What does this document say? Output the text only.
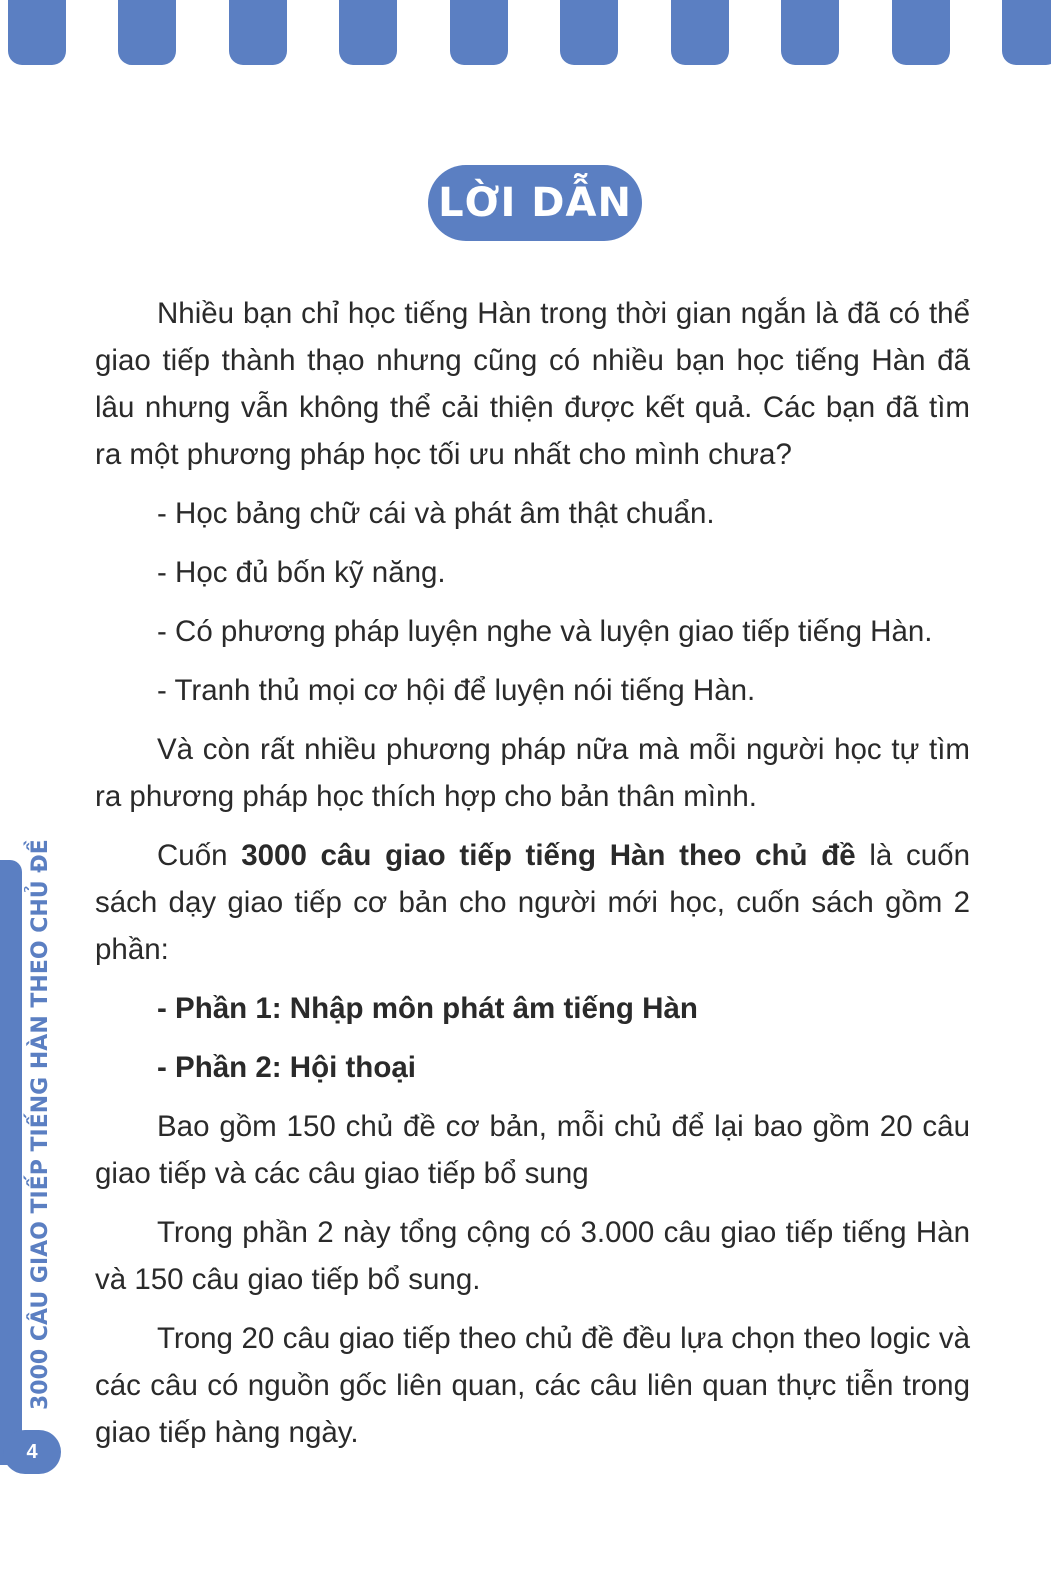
LỜI DẪN

Nhiều bạn chỉ học tiếng Hàn trong thời gian ngắn là đã có thể giao tiếp thành thạo nhưng cũng có nhiều bạn học tiếng Hàn đã lâu nhưng vẫn không thể cải thiện được kết quả. Các bạn đã tìm ra một phương pháp học tối ưu nhất cho mình chưa?

- Học bảng chữ cái và phát âm thật chuẩn.

- Học đủ bốn kỹ năng.

- Có phương pháp luyện nghe và luyện giao tiếp tiếng Hàn.

- Tranh thủ mọi cơ hội để luyện nói tiếng Hàn.

Và còn rất nhiều phương pháp nữa mà mỗi người học tự tìm ra phương pháp học thích hợp cho bản thân mình.

Cuốn 3000 câu giao tiếp tiếng Hàn theo chủ đề là cuốn sách dạy giao tiếp cơ bản cho người mới học, cuốn sách gồm 2 phần:

- Phần 1: Nhập môn phát âm tiếng Hàn

- Phần 2: Hội thoại

Bao gồm 150 chủ đề cơ bản, mỗi chủ để lại bao gồm 20 câu giao tiếp và các câu giao tiếp bổ sung

Trong phần 2 này tổng cộng có 3.000 câu giao tiếp tiếng Hàn và 150 câu giao tiếp bổ sung.

Trong 20 câu giao tiếp theo chủ đề đều lựa chọn theo logic và các câu có nguồn gốc liên quan, các câu liên quan thực tiễn trong giao tiếp hàng ngày.

3000 CÂU GIAO TIẾP TIẾNG HÀN THEO CHỦ ĐỀ
4
